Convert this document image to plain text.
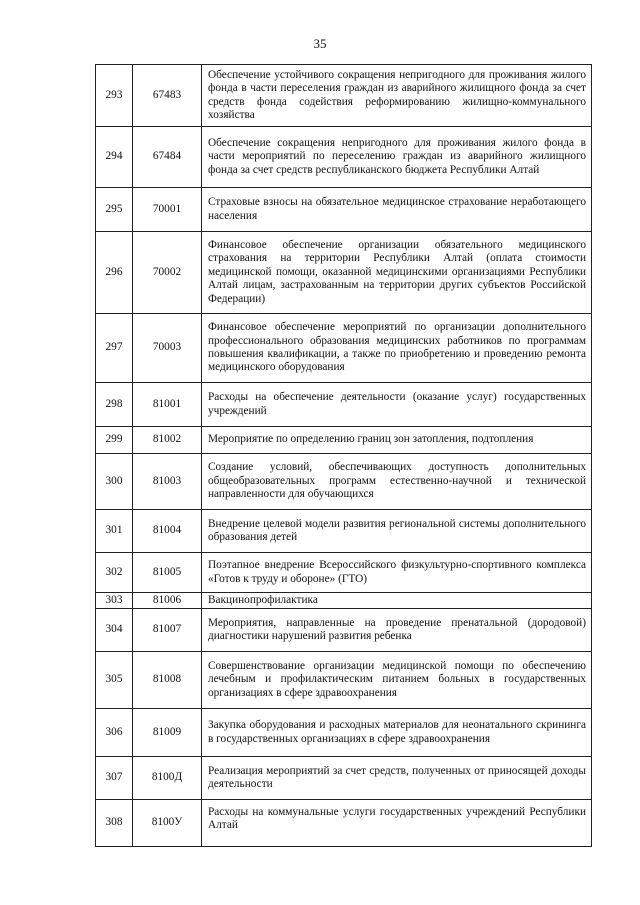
35
293	67483	Обеспечение устойчивого сокращения непригодного для проживания жилого фонда в части переселения граждан из аварийного жилищного фонда за счет средств фонда содействия реформированию жилищно-коммунального хозяйства
294	67484	Обеспечение сокращения непригодного для проживания жилого фонда в части мероприятий по переселению граждан из аварийного жилищного фонда за счет средств республиканского бюджета Республики Алтай
295	70001	Страховые взносы на обязательное медицинское страхование неработающего населения
296	70002	Финансовое обеспечение организации обязательного медицинского страхования на территории Республики Алтай (оплата стоимости медицинской помощи, оказанной медицинскими организациями Республики Алтай лицам, застрахованным на территории других субъектов Российской Федерации)
297	70003	Финансовое обеспечение мероприятий по организации дополнительного профессионального образования медицинских работников по программам повышения квалификации, а также по приобретению и проведению ремонта медицинского оборудования
298	81001	Расходы на обеспечение деятельности (оказание услуг) государственных учреждений
299	81002	Мероприятие по определению границ зон затопления, подтопления
300	81003	Создание условий, обеспечивающих доступность дополнительных общеобразовательных программ естественно-научной и технической направленности для обучающихся
301	81004	Внедрение целевой модели развития региональной системы дополнительного образования детей
302	81005	Поэтапное внедрение Всероссийского физкультурно-спортивного комплекса «Готов к труду и обороне» (ГТО)
303	81006	Вакцинопрофилактика
304	81007	Мероприятия, направленные на проведение пренатальной (дородовой) диагностики нарушений развития ребенка
305	81008	Совершенствование организации медицинской помощи по обеспечению лечебным и профилактическим питанием больных в государственных организациях в сфере здравоохранения
306	81009	Закупка оборудования и расходных материалов для неонатального скрининга в государственных организациях в сфере здравоохранения
307	8100Д	Реализация мероприятий за счет средств, полученных от приносящей доходы деятельности
308	8100У	Расходы на коммунальные услуги государственных учреждений Республики Алтай
